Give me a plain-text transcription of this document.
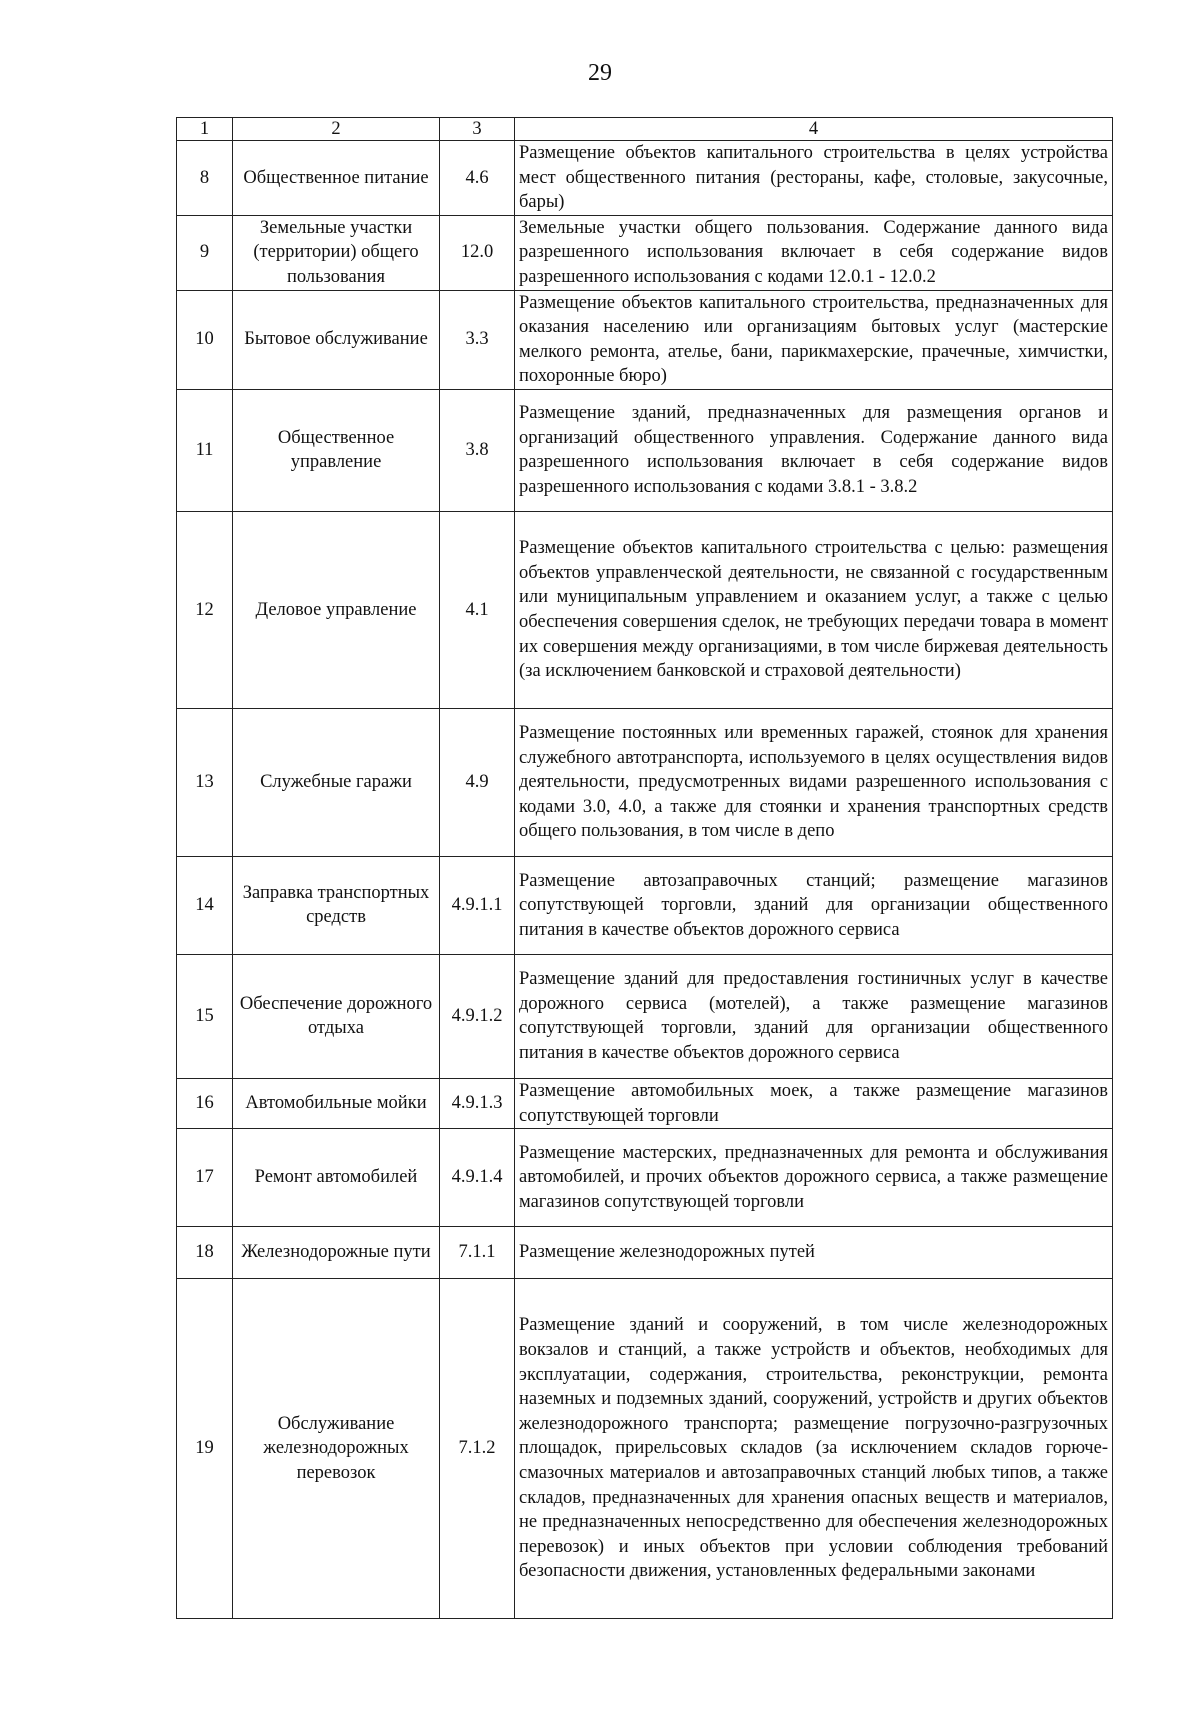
29
1	2	3	4
8	Общественное питание	4.6	Размещение объектов капитального строительства в целях устройства мест общественного питания (рестораны, кафе, столовые, закусочные, бары)
9	Земельные участки (территории) общего пользования	12.0	Земельные участки общего пользования. Содержание данного вида разрешенного использования включает в себя содержание видов разрешенного использования с кодами 12.0.1 - 12.0.2
10	Бытовое обслуживание	3.3	Размещение объектов капитального строительства, предназначенных для оказания населению или организациям бытовых услуг (мастерские мелкого ремонта, ателье, бани, парикмахерские, прачечные, химчистки, похоронные бюро)
11	Общественное управление	3.8	Размещение зданий, предназначенных для размещения органов и организаций общественного управления. Содержание данного вида разрешенного использования включает в себя содержание видов разрешенного использования с кодами 3.8.1 - 3.8.2
12	Деловое управление	4.1	Размещение объектов капитального строительства с целью: размещения объектов управленческой деятельности, не связанной с государственным или муниципальным управлением и оказанием услуг, а также с целью обеспечения совершения сделок, не требующих передачи товара в момент их совершения между организациями, в том числе биржевая деятельность (за исключением банковской и страховой деятельности)
13	Служебные гаражи	4.9	Размещение постоянных или временных гаражей, стоянок для хранения служебного автотранспорта, используемого в целях осуществления видов деятельности, предусмотренных видами разрешенного использования с кодами 3.0, 4.0, а также для стоянки и хранения транспортных средств общего пользования, в том числе в депо
14	Заправка транспортных средств	4.9.1.1	Размещение автозаправочных станций; размещение магазинов сопутствующей торговли, зданий для организации общественного питания в качестве объектов дорожного сервиса
15	Обеспечение дорожного отдыха	4.9.1.2	Размещение зданий для предоставления гостиничных услуг в качестве дорожного сервиса (мотелей), а также размещение магазинов сопутствующей торговли, зданий для организации общественного питания в качестве объектов дорожного сервиса
16	Автомобильные мойки	4.9.1.3	Размещение автомобильных моек, а также размещение магазинов сопутствующей торговли
17	Ремонт автомобилей	4.9.1.4	Размещение мастерских, предназначенных для ремонта и обслуживания автомобилей, и прочих объектов дорожного сервиса, а также размещение магазинов сопутствующей торговли
18	Железнодорожные пути	7.1.1	Размещение железнодорожных путей
19	Обслуживание железнодорожных перевозок	7.1.2	Размещение зданий и сооружений, в том числе железнодорожных вокзалов и станций, а также устройств и объектов, необходимых для эксплуатации, содержания, строительства, реконструкции, ремонта наземных и подземных зданий, сооружений, устройств и других объектов железнодорожного транспорта; размещение погрузочно-разгрузочных площадок, прирельсовых складов (за исключением складов горюче-смазочных материалов и автозаправочных станций любых типов, а также складов, предназначенных для хранения опасных веществ и материалов, не предназначенных непосредственно для обеспечения железнодорожных перевозок) и иных объектов при условии соблюдения требований безопасности движения, установленных федеральными законами
